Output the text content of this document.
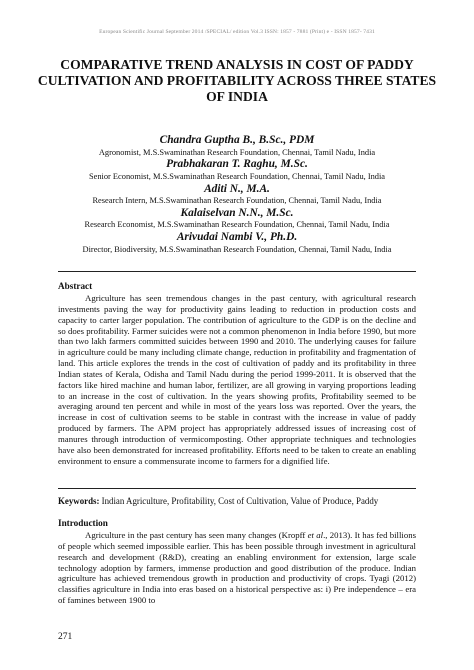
European Scientific Journal September 2014 /SPECIAL/ edition Vol.3 ISSN: 1857 - 7881 (Print) e - ISSN 1857- 7431
COMPARATIVE TREND ANALYSIS IN COST OF PADDY CULTIVATION AND PROFITABILITY ACROSS THREE STATES OF INDIA
Chandra Guptha B., B.Sc., PDM
Agronomist, M.S.Swaminathan Research Foundation, Chennai, Tamil Nadu, India
Prabhakaran T. Raghu, M.Sc.
Senior Economist, M.S.Swaminathan Research Foundation, Chennai, Tamil Nadu, India
Aditi N., M.A.
Research Intern, M.S.Swaminathan Research Foundation, Chennai, Tamil Nadu, India
Kalaiselvan N.N., M.Sc.
Research Economist, M.S.Swaminathan Research Foundation, Chennai, Tamil Nadu, India
Arivudai Nambi V., Ph.D.
Director, Biodiversity, M.S.Swaminathan Research Foundation, Chennai, Tamil Nadu, India
Abstract

Agriculture has seen tremendous changes in the past century, with agricultural research investments paving the way for productivity gains leading to reduction in production costs and capacity to carter larger population. The contribution of agriculture to the GDP is on the decline and so does profitability. Farmer suicides were not a common phenomenon in India before 1990, but more than two lakh farmers committed suicides between 1990 and 2010. The underlying causes for failure in agriculture could be many including climate change, reduction in profitability and fragmentation of land. This article explores the trends in the cost of cultivation of paddy and its profitability in three Indian states of Kerala, Odisha and Tamil Nadu during the period 1999-2011. It is observed that the factors like hired machine and human labor, fertilizer, are all growing in varying proportions leading to an increase in the cost of cultivation. In the years showing profits, Profitability seemed to be averaging around ten percent and while in most of the years loss was reported. Over the years, the increase in cost of cultivation seems to be stable in contrast with the increase in value of paddy produced by farmers. The APM project has appropriately addressed issues of increasing cost of manures through introduction of vermicomposting. Other appropriate techniques and technologies have also been demonstrated for increased profitability. Efforts need to be taken to create an enabling environment to ensure a commensurate income to farmers for a dignified life.

Keywords: Indian Agriculture, Profitability, Cost of Cultivation, Value of Produce, Paddy

Introduction

Agriculture in the past century has seen many changes (Kropff et al., 2013). It has fed billions of people which seemed impossible earlier. This has been possible through investment in agricultural research and development (R&D), creating an enabling environment for extension, large scale technology adoption by farmers, immense production and good distribution of the produce. Indian agriculture has achieved tremendous growth in production and productivity of crops. Tyagi (2012) classifies agriculture in India into eras based on a historical perspective as: i) Pre independence – era of famines between 1900 to

271
